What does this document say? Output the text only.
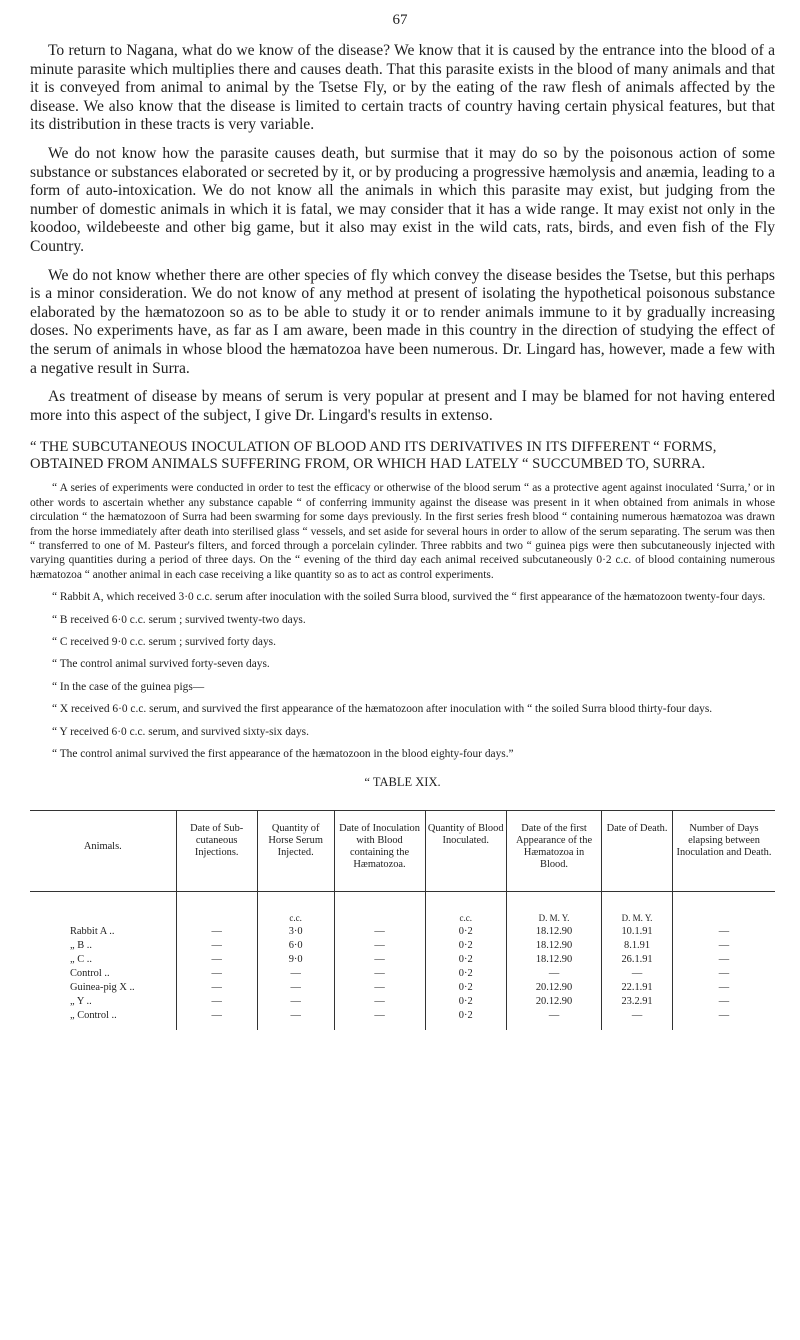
67

To return to Nagana, what do we know of the disease? We know that it is caused by the entrance into the blood of a minute parasite which multiplies there and causes death. That this parasite exists in the blood of many animals and that it is conveyed from animal to animal by the Tsetse Fly, or by the eating of the raw flesh of animals affected by the disease. We also know that the disease is limited to certain tracts of country having certain physical features, but that its distribution in these tracts is very variable.

We do not know how the parasite causes death, but surmise that it may do so by the poisonous action of some substance or substances elaborated or secreted by it, or by producing a progressive hæmolysis and anæmia, leading to a form of auto-intoxication. We do not know all the animals in which this parasite may exist, but judging from the number of domestic animals in which it is fatal, we may consider that it has a wide range. It may exist not only in the koodoo, wildebeeste and other big game, but it also may exist in the wild cats, rats, birds, and even fish of the Fly Country.

We do not know whether there are other species of fly which convey the disease besides the Tsetse, but this perhaps is a minor consideration. We do not know of any method at present of isolating the hypothetical poisonous substance elaborated by the hæmatozoon so as to be able to study it or to render animals immune to it by gradually increasing doses. No experiments have, as far as I am aware, been made in this country in the direction of studying the effect of the serum of animals in whose blood the hæmatozoa have been numerous. Dr. Lingard has, however, made a few with a negative result in Surra.

As treatment of disease by means of serum is very popular at present and I may be blamed for not having entered more into this aspect of the subject, I give Dr. Lingard's results in extenso.

“ THE SUBCUTANEOUS INOCULATION OF BLOOD AND ITS DERIVATIVES IN ITS DIFFERENT “ FORMS, OBTAINED FROM ANIMALS SUFFERING FROM, OR WHICH HAD LATELY “ SUCCUMBED TO, SURRA.

“ A series of experiments were conducted in order to test the efficacy or otherwise of the blood serum “ as a protective agent against inoculated ‘Surra,’ or in other words to ascertain whether any substance capable “ of conferring immunity against the disease was present in it when obtained from animals in whose circulation “ the hæmatozoon of Surra had been swarming for some days previously. In the first series fresh blood “ containing numerous hæmatozoa was drawn from the horse immediately after death into sterilised glass “ vessels, and set aside for several hours in order to allow of the serum separating. The serum was then “ transferred to one of M. Pasteur's filters, and forced through a porcelain cylinder. Three rabbits and two “ guinea pigs were then subcutaneously injected with varying quantities during a period of three days. On the “ evening of the third day each animal received subcutaneously 0·2 c.c. of blood containing numerous hæmatozoa “ another animal in each case receiving a like quantity so as to act as control experiments.

“ Rabbit A, which received 3·0 c.c. serum after inoculation with the soiled Surra blood, survived the “ first appearance of the hæmatozoon twenty-four days.

“ B received 6·0 c.c. serum ; survived twenty-two days.

“ C received 9·0 c.c. serum ; survived forty days.

“ The control animal survived forty-seven days.

“ In the case of the guinea pigs—

“ X received 6·0 c.c. serum, and survived the first appearance of the hæmatozoon after inoculation with “ the soiled Surra blood thirty-four days.

“ Y received 6·0 c.c. serum, and survived sixty-six days.

“ The control animal survived the first appearance of the hæmatozoon in the blood eighty-four days.”

“ TABLE XIX.
Animals.	Date of Sub-cutaneous Injections.	Quantity of Horse Serum Injected.	Date of Inoculation with Blood containing the Hæmatozoa.	Quantity of Blood Inoculated.	Date of the first Appearance of the Hæmatozoa in Blood.	Date of Death.	Number of Days elapsing between Inoculation and Death.
		c.c.		c.c.	D. M. Y.	D. M. Y.	
Rabbit A ..	—	3·0	—	0·2	18.12.90	10.1.91	—
„ B ..	—	6·0	—	0·2	18.12.90	8.1.91	—
„ C ..	—	9·0	—	0·2	18.12.90	26.1.91	—
Control ..	—	—	—	0·2	—	—	—
Guinea-pig X ..	—	—	—	0·2	20.12.90	22.1.91	—
„ Y ..	—	—	—	0·2	20.12.90	23.2.91	—
„ Control ..	—	—	—	0·2	—	—	—
